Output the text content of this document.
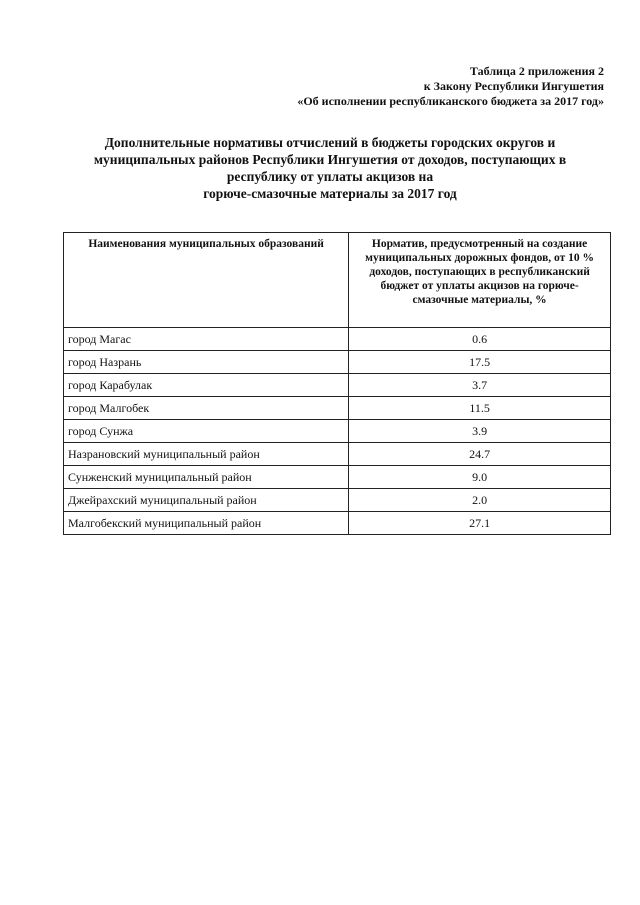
Таблица 2 приложения 2
к Закону Республики Ингушетия
«Об исполнении республиканского бюджета за 2017 год»
Дополнительные нормативы отчислений в бюджеты городских округов и
муниципальных районов Республики Ингушетия от доходов, поступающих в
республику от уплаты акцизов на
горюче-смазочные материалы за 2017 год
Наименования муниципальных образований	Норматив, предусмотренный на создание муниципальных дорожных фондов, от 10 % доходов, поступающих в республиканский бюджет от уплаты акцизов на горюче-смазочные материалы, %
город Магас	0.6
город Назрань	17.5
город Карабулак	3.7
город Малгобек	11.5
город Сунжа	3.9
Назрановский муниципальный район	24.7
Сунженский муниципальный район	9.0
Джейрахский муниципальный район	2.0
Малгобекский муниципальный район	27.1
